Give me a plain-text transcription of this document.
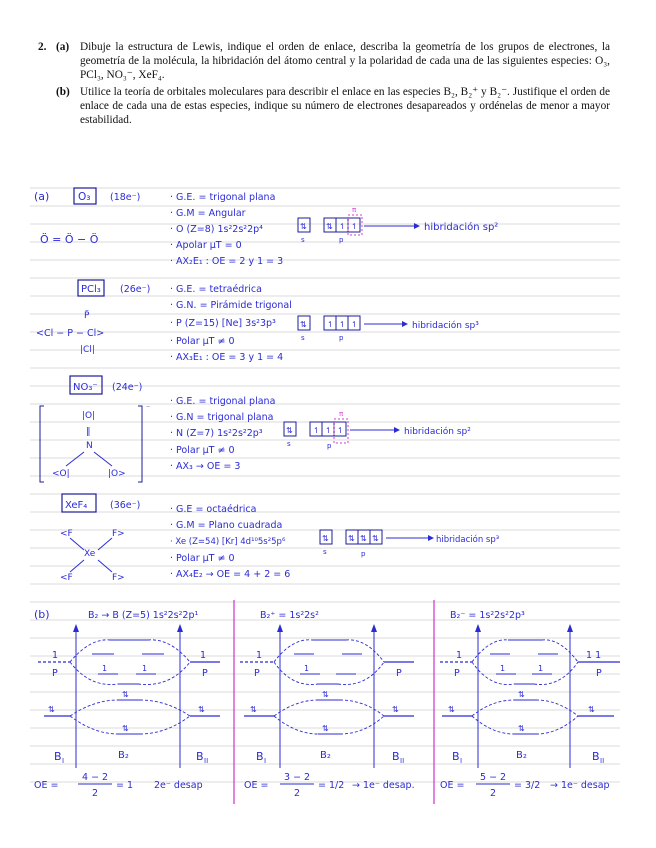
2. (a) Dibuje la estructura de Lewis, indique el orden de enlace, describa la geometría de los grupos de electrones, la geometría de la molécula, la hibridación del átomo central y la polaridad de cada una de las siguientes especies: O₃, PCl₃, NO₃⁻, XeF₄.
(b) Utilice la teoría de orbitales moleculares para describir el enlace en las especies B₂, B₂⁺ y B₂⁻. Justifique el orden de enlace de cada una de estas especies, indique su número de electrones desapareados y ordénelas de menor a mayor estabilidad.
(a)	O₃ (18e⁻)	· G.E. = trigonal plana
· G.M = Angular
· O (Z=8) 1s²2s²2p⁴
· Apolar μT = 0
· AX₂E₁ : OE = 2 y 1 = 3
Ö = Ö − Ö
⇅
s
⇅ ↿ ↿
π
p
hibridación sp²
PCl₃ (26e⁻) · G.E. = tetraédrica
· G.N. = Pirámide trigonal
· P (Z=15) [Ne] 3s²3p³
· Polar μT ≠ 0
· AX₃E₁ : OE = 3 y 1 = 4
<Cl − P − Cl>
P̈
|Cl|
⇅
s
↿ ↿ ↿
p
hibridación sp³
NO₃⁻ (24e⁻)
· G.E. = trigonal plana
· G.N = trigonal plana
· N (Z=7) 1s²2s²2p³
· Polar μT ≠ 0
· AX₃ → OE = 3
⁻
|O|
‖
N
<O|	|O>
⇅
s
↿ ↿ ↿
π
p
hibridación sp²
XeF₄ (36e⁻)	· G.E = octaédrica
· G.M = Plano cuadrada
· Xe (Z=54) [Kr] 4d¹⁰5s²5p⁶
· Polar μT ≠ 0
· AX₄E₂ → OE = 4 + 2 = 6
<F	F>
Xe
<F	F>
⇅
s
⇅ ⇅ ⇅
p
hibridación sp³
(b)	B₂ → B (Z=5) 1s²2s²2p¹
1
P
1
P
1	1
⇅	⇅
⇅
⇅
B I	B₂	B II
OE =
4 − 2
2
= 1 2e⁻ desap
B₂⁺ = 1s²2s²
1
P	P
1
⇅	⇅
⇅
⇅
B I	B₂	B II
OE =
3 − 2
2
= 1/2 → 1e⁻ desap.
B₂⁻ = 1s²2s²2p³
1
P
1 1
P
1	1
⇅	⇅
⇅
⇅
B I	B₂	B II
OE =
5 − 2
2
= 3/2 → 1e⁻ desap
